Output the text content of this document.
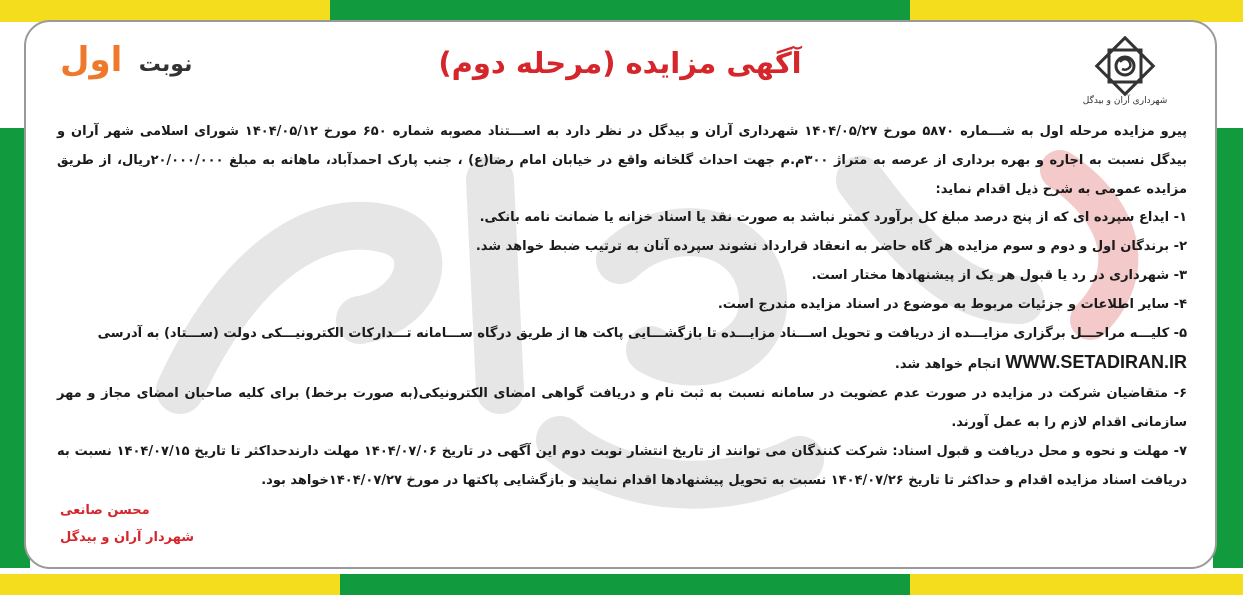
نوبت اول	آگهی مزایده (مرحله دوم)
شهرداری آران و بیدگل

پیرو مزایده مرحله اول به شـــماره ۵۸۷۰ مورخ ۱۴۰۴/۰۵/۲۷ شهرداری آران و بیدگل در نظر دارد به اســـتناد مصوبه شماره ۶۵۰ مورخ ۱۴۰۴/۰۵/۱۲ شورای اسلامی شهر آران و بیدگل نسبت به اجاره و بهره برداری از عرصه به متراژ ۳۰۰م.م جهت احداث گلخانه واقع در خیابان امام رضا(ع) ، جنب پارک احمدآباد، ماهانه به مبلغ ۲۰/۰۰۰/۰۰۰ریال، از طریق مزایده عمومی به شرح ذیل اقدام نماید:

۱- ایداع سپرده ای که از پنج درصد مبلغ کل برآورد کمتر نباشد به صورت نقد یا اسناد خزانه یا ضمانت نامه بانکی.

۲- برندگان اول و دوم و سوم مزایده هر گاه حاضر به انعقاد قرارداد نشوند سپرده آنان به ترتیب ضبط خواهد شد.

۳- شهرداری در رد یا قبول هر یک از پیشنهادها مختار است.

۴- سایر اطلاعات و جزئیات مربوط به موضوع در اسناد مزایده مندرج است.

۵- کلیـــه مراحـــل برگزاری مزایـــده از دریافت و تحویل اســـناد مزایـــده تا بازگشـــایی پاکت ها از طریق درگاه ســـامانه تـــدارکات الکترونیـــکی دولت (ســـتاد) به آدرسی
WWW.SETADIRAN.IR انجام خواهد شد.

۶- متقاضیان شرکت در مزایده در صورت عدم عضویت در سامانه نسبت به ثبت نام و دریافت گواهی امضای الکترونیکی(به صورت برخط) برای کلیه صاحبان امضای مجاز و مهر سازمانی اقدام لازم را به عمل آورند.

۷- مهلت و نحوه و محل دریافت و قبول اسناد: شرکت کنندگان می توانند از تاریخ انتشار نوبت دوم این آگهی در تاریخ ۱۴۰۴/۰۷/۰۶ مهلت دارندحداکثر تا تاریخ ۱۴۰۴/۰۷/۱۵ نسبت به دریافت اسناد مزایده اقدام و حداکثر تا تاریخ ۱۴۰۴/۰۷/۲۶ نسبت به تحویل پیشنهادها اقدام نمایند و بازگشایی پاکتها در مورخ ۱۴۰۴/۰۷/۲۷خواهد بود.

محسن صانعی
شهردار آران و بیدگل
